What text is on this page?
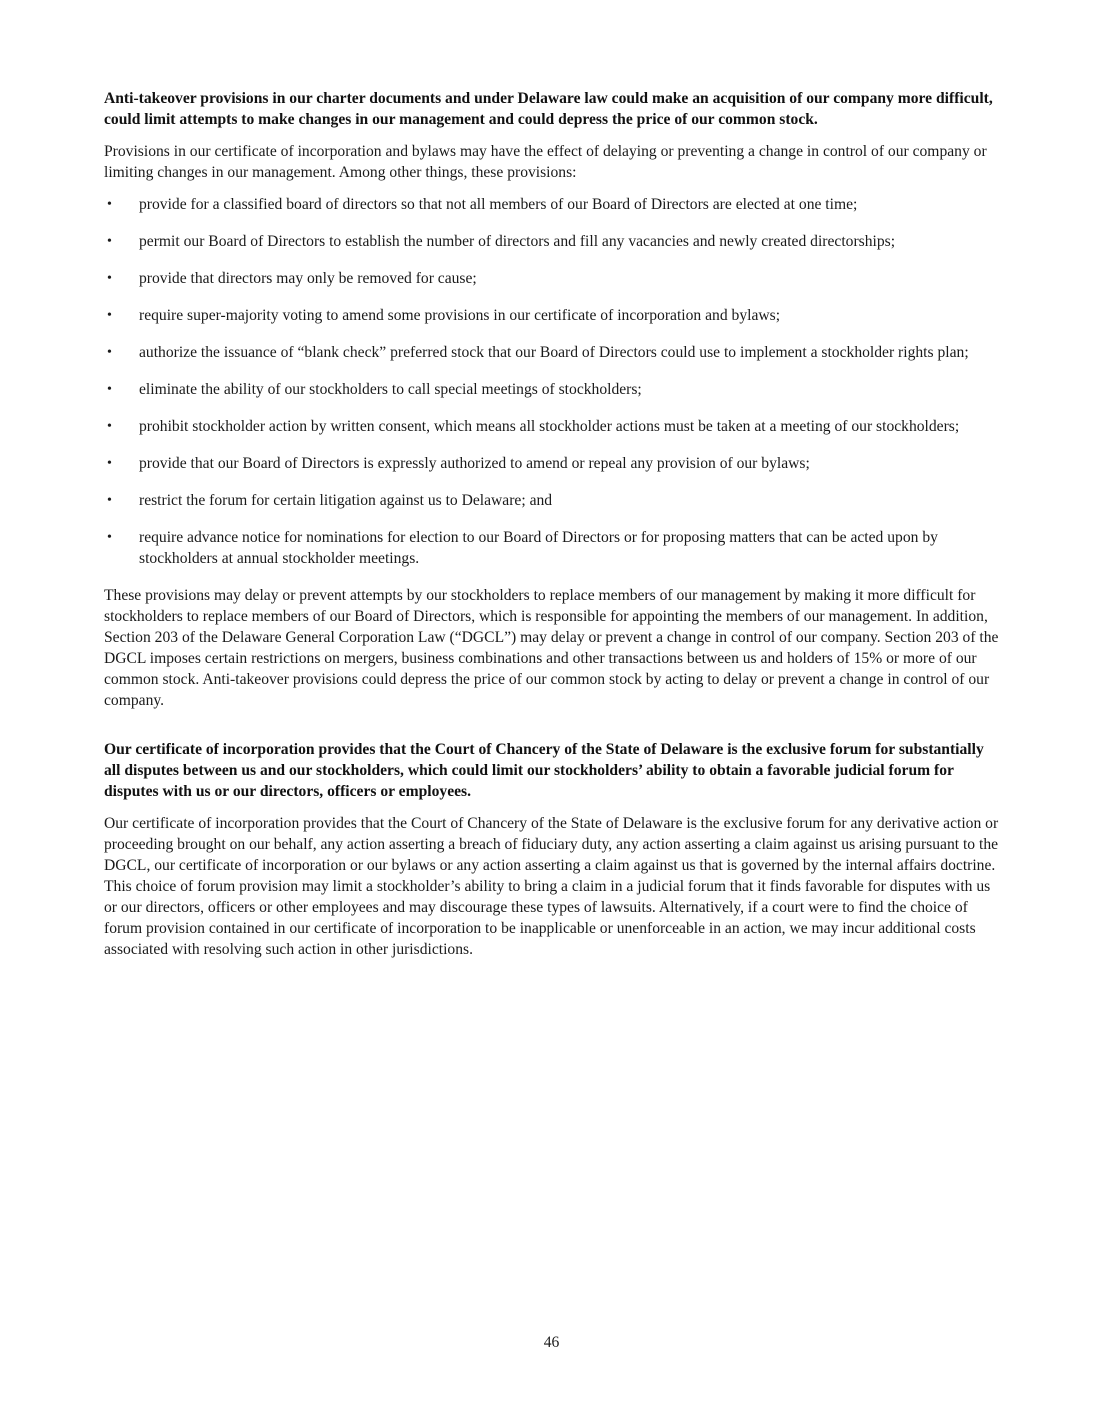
Anti-takeover provisions in our charter documents and under Delaware law could make an acquisition of our company more difficult, could limit attempts to make changes in our management and could depress the price of our common stock.

Provisions in our certificate of incorporation and bylaws may have the effect of delaying or preventing a change in control of our company or limiting changes in our management. Among other things, these provisions:

• provide for a classified board of directors so that not all members of our Board of Directors are elected at one time;
• permit our Board of Directors to establish the number of directors and fill any vacancies and newly created directorships;
• provide that directors may only be removed for cause;
• require super-majority voting to amend some provisions in our certificate of incorporation and bylaws;
• authorize the issuance of “blank check” preferred stock that our Board of Directors could use to implement a stockholder rights plan;
• eliminate the ability of our stockholders to call special meetings of stockholders;
• prohibit stockholder action by written consent, which means all stockholder actions must be taken at a meeting of our stockholders;
• provide that our Board of Directors is expressly authorized to amend or repeal any provision of our bylaws;
• restrict the forum for certain litigation against us to Delaware; and
• require advance notice for nominations for election to our Board of Directors or for proposing matters that can be acted upon by stockholders at annual stockholder meetings.

These provisions may delay or prevent attempts by our stockholders to replace members of our management by making it more difficult for stockholders to replace members of our Board of Directors, which is responsible for appointing the members of our management. In addition, Section 203 of the Delaware General Corporation Law (“DGCL”) may delay or prevent a change in control of our company. Section 203 of the DGCL imposes certain restrictions on mergers, business combinations and other transactions between us and holders of 15% or more of our common stock. Anti-takeover provisions could depress the price of our common stock by acting to delay or prevent a change in control of our company.

Our certificate of incorporation provides that the Court of Chancery of the State of Delaware is the exclusive forum for substantially all disputes between us and our stockholders, which could limit our stockholders’ ability to obtain a favorable judicial forum for disputes with us or our directors, officers or employees.

Our certificate of incorporation provides that the Court of Chancery of the State of Delaware is the exclusive forum for any derivative action or proceeding brought on our behalf, any action asserting a breach of fiduciary duty, any action asserting a claim against us arising pursuant to the DGCL, our certificate of incorporation or our bylaws or any action asserting a claim against us that is governed by the internal affairs doctrine. This choice of forum provision may limit a stockholder’s ability to bring a claim in a judicial forum that it finds favorable for disputes with us or our directors, officers or other employees and may discourage these types of lawsuits. Alternatively, if a court were to find the choice of forum provision contained in our certificate of incorporation to be inapplicable or unenforceable in an action, we may incur additional costs associated with resolving such action in other jurisdictions.

46
